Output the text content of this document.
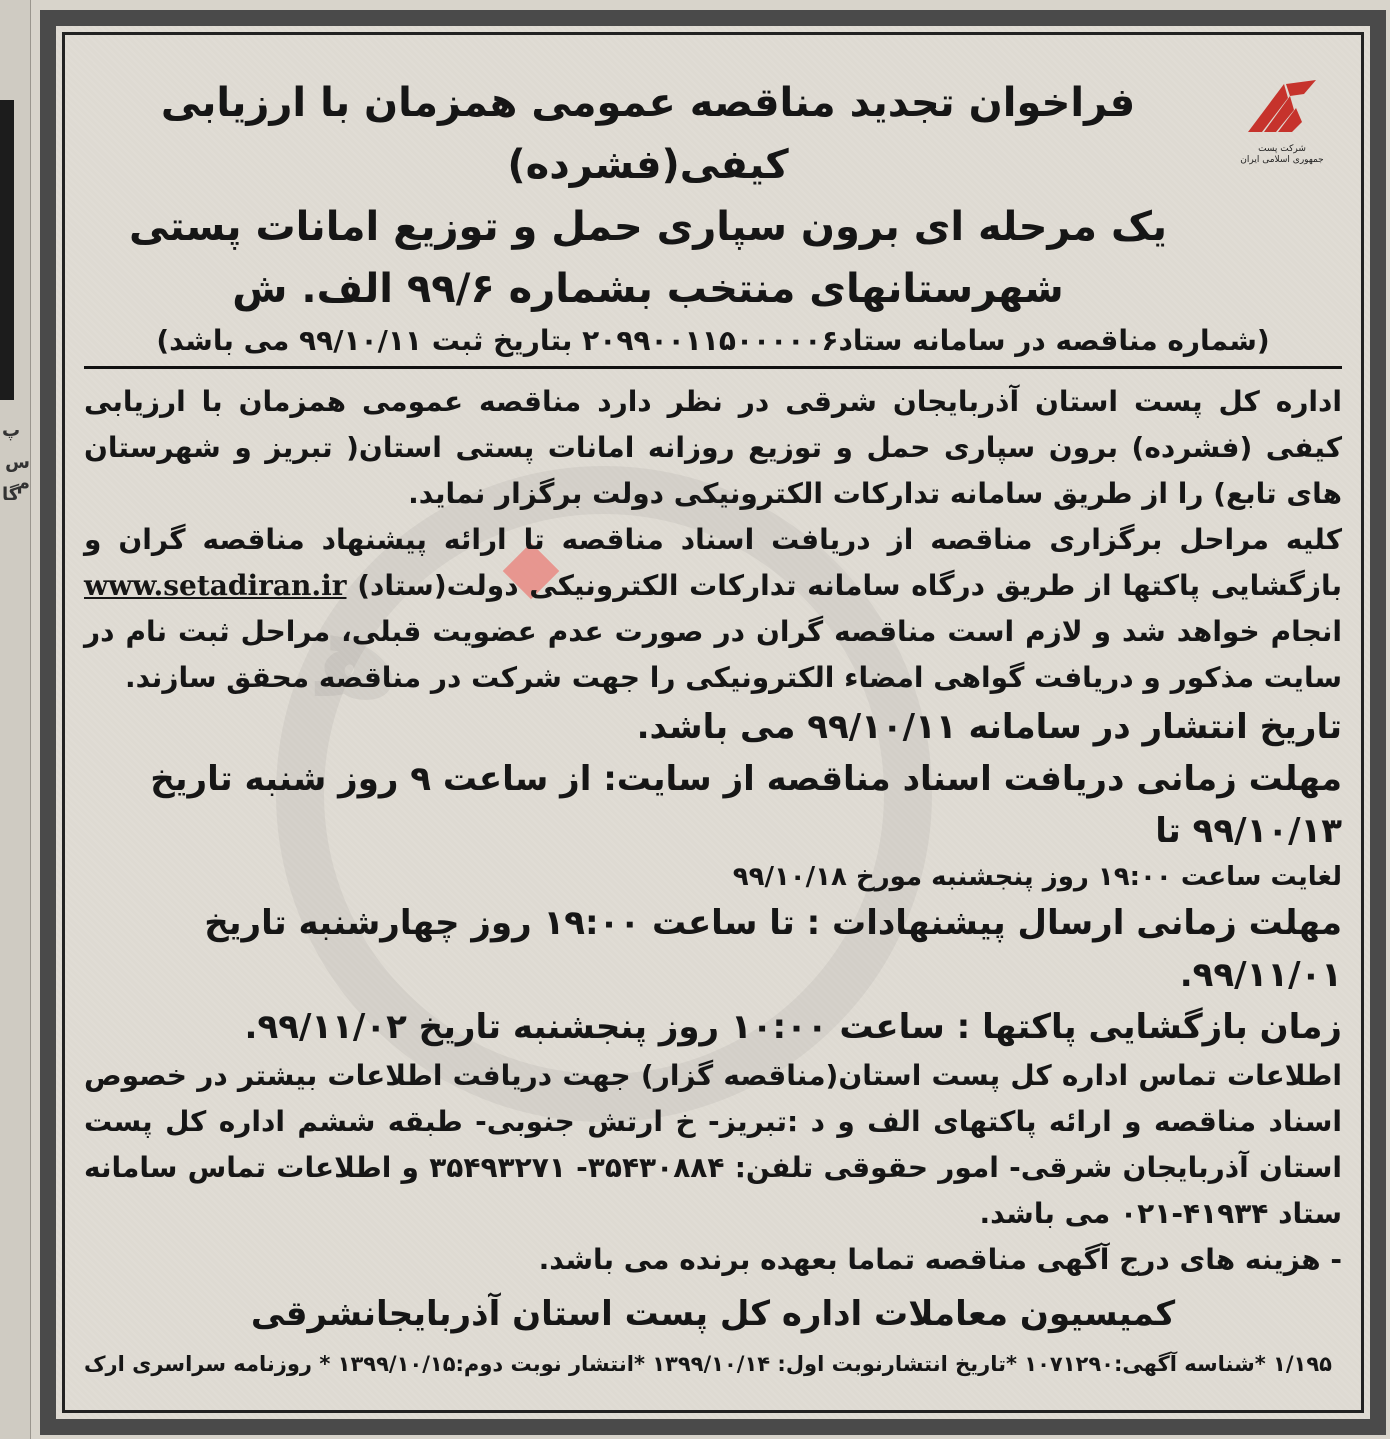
پ
س م
گا
ه‍
شرکت پست
جمهوری اسلامی ایران
فراخوان تجدید مناقصه عمومی همزمان با ارزیابی کیفی(فشرده)
یک مرحله ای برون سپاری حمل و توزیع امانات پستی
شهرستانهای منتخب بشماره ۹۹/۶ الف. ش
(شماره مناقصه در سامانه ستاد۲۰۹۹۰۰۱۱۵۰۰۰۰۰۶ بتاریخ ثبت ۹۹/۱۰/۱۱ می باشد)

اداره کل پست استان آذربایجان شرقی در نظر دارد مناقصه عمومی همزمان با ارزیابی کیفی (فشرده) برون سپاری حمل و توزیع روزانه امانات پستی استان( تبریز و شهرستان های تابع) را از طریق سامانه تدارکات الکترونیکی دولت برگزار نماید.

کلیه مراحل برگزاری مناقصه از دریافت اسناد مناقصه تا ارائه پیشنهاد مناقصه گران و بازگشایی پاکتها از طریق درگاه سامانه تدارکات الکترونیکی دولت(ستاد) www.setadiran.ir انجام خواهد شد و لازم است مناقصه گران در صورت عدم عضویت قبلی، مراحل ثبت نام در سایت مذکور و دریافت گواهی امضاء الکترونیکی را جهت شرکت در مناقصه محقق سازند.

تاریخ انتشار در سامانه ۹۹/۱۰/۱۱ می باشد.

مهلت زمانی دریافت اسناد مناقصه از سایت: از ساعت ۹ روز شنبه تاریخ ۹۹/۱۰/۱۳ تا

لغایت ساعت ۱۹:۰۰ روز پنجشنبه مورخ ۹۹/۱۰/۱۸

مهلت زمانی ارسال پیشنهادات : تا ساعت ۱۹:۰۰ روز چهارشنبه تاریخ ۹۹/۱۱/۰۱.

زمان بازگشایی پاکتها : ساعت ۱۰:۰۰ روز پنجشنبه تاریخ ۹۹/۱۱/۰۲.

اطلاعات تماس اداره کل پست استان(مناقصه گزار) جهت دریافت اطلاعات بیشتر در خصوص اسناد مناقصه و ارائه پاکتهای الف و د :تبریز- خ ارتش جنوبی- طبقه ششم اداره کل پست استان آذربایجان شرقی- امور حقوقی تلفن: ۳۵۴۳۰۸۸۴- ۳۵۴۹۳۲۷۱ و اطلاعات تماس سامانه ستاد ۴۱۹۳۴-۰۲۱ می باشد.

- هزینه های درج آگهی مناقصه تماما بعهده برنده می باشد.

کمیسیون معاملات اداره کل پست استان آذربایجانشرقی

۱/۱۹۵ *شناسه آگهی:۱۰۷۱۲۹۰ *تاریخ انتشارنوبت اول: ۱۳۹۹/۱۰/۱۴ *انتشار نوبت دوم:۱۳۹۹/۱۰/۱۵ * روزنامه سراسری ارک
